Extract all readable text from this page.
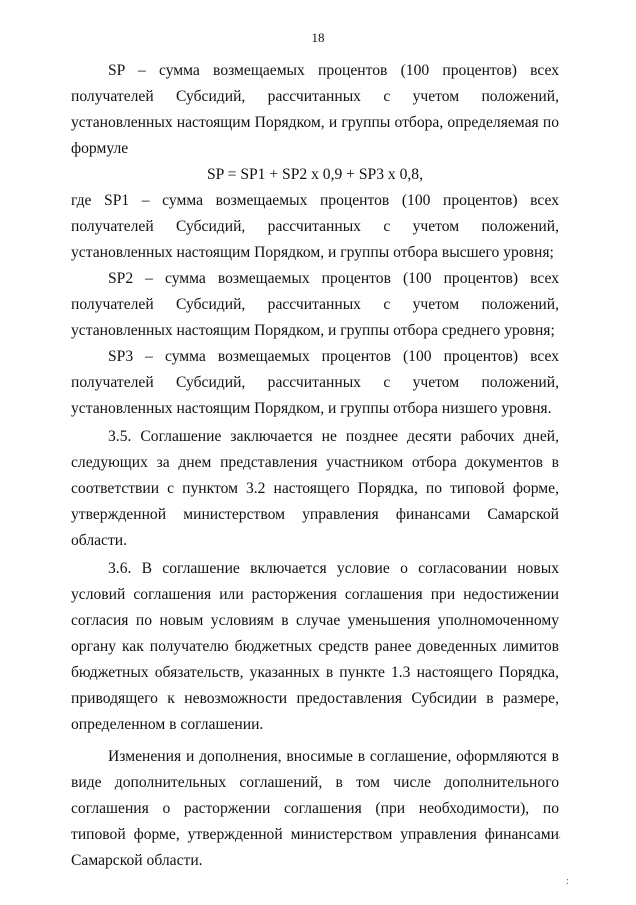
18

SP – сумма возмещаемых процентов (100 процентов) всех получателей Субсидий, рассчитанных с учетом положений, установленных настоящим Порядком, и группы отбора, определяемая по формуле

SP = SP1 + SP2 x 0,9 + SP3 x 0,8,

где SP1 – сумма возмещаемых процентов (100 процентов) всех получателей Субсидий, рассчитанных с учетом положений, установленных настоящим Порядком, и группы отбора высшего уровня;

SP2 – сумма возмещаемых процентов (100 процентов) всех получателей Субсидий, рассчитанных с учетом положений, установленных настоящим Порядком, и группы отбора среднего уровня;

SP3 – сумма возмещаемых процентов (100 процентов) всех получателей Субсидий, рассчитанных с учетом положений, установленных настоящим Порядком, и группы отбора низшего уровня.

3.5. Соглашение заключается не позднее десяти рабочих дней, следующих за днем представления участником отбора документов в соответствии с пунктом 3.2 настоящего Порядка, по типовой форме, утвержденной министерством управления финансами Самарской области.

3.6. В соглашение включается условие о согласовании новых условий соглашения или расторжения соглашения при недостижении согласия по новым условиям в случае уменьшения уполномоченному органу как получателю бюджетных средств ранее доведенных лимитов бюджетных обязательств, указанных в пункте 1.3 настоящего Порядка, приводящего к невозможности предоставления Субсидии в размере, определенном в соглашении.

Изменения и дополнения, вносимые в соглашение, оформляются в виде дополнительных соглашений, в том числе дополнительного соглашения о расторжении соглашения (при необходимости), по типовой форме, утвержденной министерством управления финансами Самарской области.

·
:
